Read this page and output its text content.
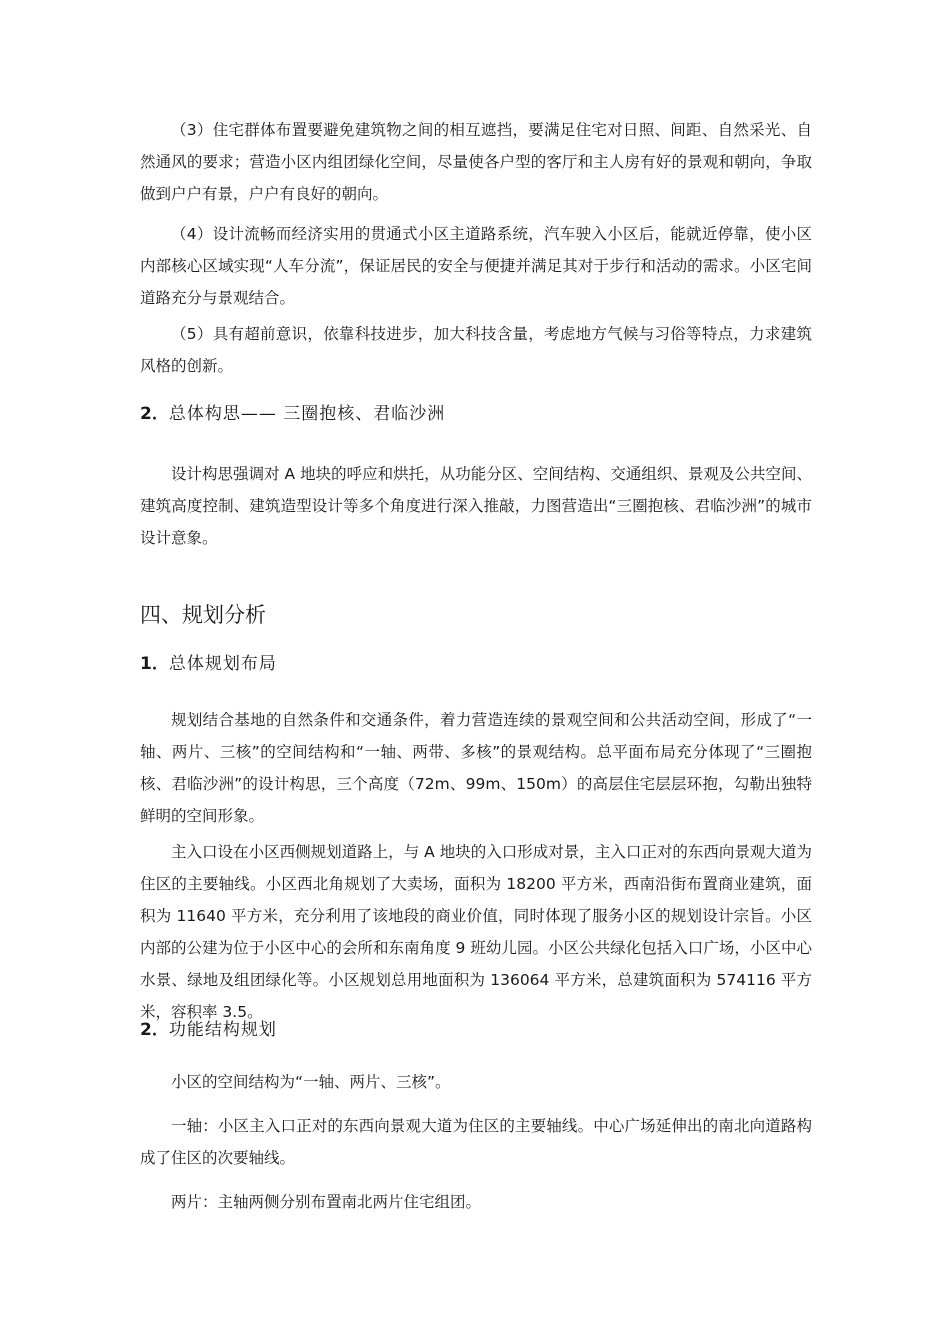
（3）住宅群体布置要避免建筑物之间的相互遮挡，要满足住宅对日照、间距、自然采光、自然通风的要求；营造小区内组团绿化空间，尽量使各户型的客厅和主人房有好的景观和朝向，争取做到户户有景，户户有良好的朝向。

（4）设计流畅而经济实用的贯通式小区主道路系统，汽车驶入小区后，能就近停靠，使小区内部核心区域实现“人车分流”，保证居民的安全与便捷并满足其对于步行和活动的需求。小区宅间道路充分与景观结合。

（5）具有超前意识，依靠科技进步，加大科技含量，考虑地方气候与习俗等特点，力求建筑风格的创新。

2．总体构思—— 三圈抱核、君临沙洲

设计构思强调对 A 地块的呼应和烘托，从功能分区、空间结构、交通组织、景观及公共空间、建筑高度控制、建筑造型设计等多个角度进行深入推敲，力图营造出“三圈抱核、君临沙洲”的城市设计意象。

四、规划分析
1．总体规划布局

规划结合基地的自然条件和交通条件，着力营造连续的景观空间和公共活动空间，形成了“一轴、两片、三核”的空间结构和“一轴、两带、多核”的景观结构。总平面布局充分体现了“三圈抱核、君临沙洲”的设计构思，三个高度（72m、99m、150m）的高层住宅层层环抱，勾勒出独特鲜明的空间形象。

主入口设在小区西侧规划道路上，与 A 地块的入口形成对景，主入口正对的东西向景观大道为住区的主要轴线。小区西北角规划了大卖场，面积为 18200 平方米，西南沿街布置商业建筑，面积为 11640 平方米，充分利用了该地段的商业价值，同时体现了服务小区的规划设计宗旨。小区内部的公建为位于小区中心的会所和东南角度 9 班幼儿园。小区公共绿化包括入口广场，小区中心水景、绿地及组团绿化等。小区规划总用地面积为 136064 平方米，总建筑面积为 574116 平方米，容积率 3.5。

2．功能结构规划

小区的空间结构为“一轴、两片、三核”。

一轴：小区主入口正对的东西向景观大道为住区的主要轴线。中心广场延伸出的南北向道路构成了住区的次要轴线。

两片：主轴两侧分别布置南北两片住宅组团。
